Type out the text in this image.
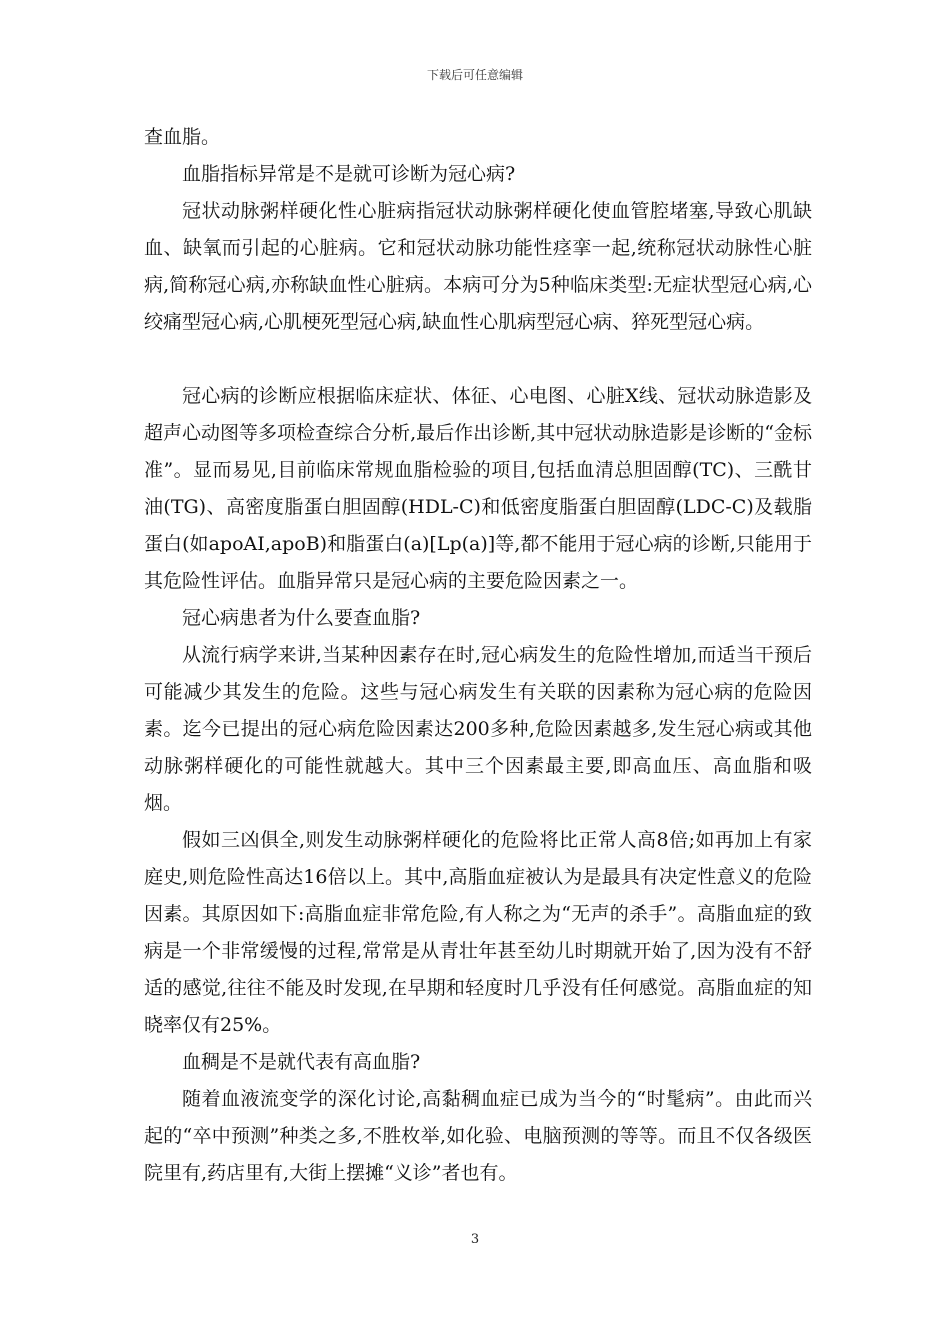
下载后可任意编辑

查血脂。

血脂指标异常是不是就可诊断为冠心病?

冠状动脉粥样硬化性心脏病指冠状动脉粥样硬化使血管腔堵塞,导致心肌缺血、缺氧而引起的心脏病。它和冠状动脉功能性痉挛一起,统称冠状动脉性心脏病,简称冠心病,亦称缺血性心脏病。本病可分为5种临床类型:无症状型冠心病,心绞痛型冠心病,心肌梗死型冠心病,缺血性心肌病型冠心病、猝死型冠心病。

冠心病的诊断应根据临床症状、体征、心电图、心脏X线、冠状动脉造影及超声心动图等多项检查综合分析,最后作出诊断,其中冠状动脉造影是诊断的“金标准”。显而易见,目前临床常规血脂检验的项目,包括血清总胆固醇(TC)、三酰甘油(TG)、高密度脂蛋白胆固醇(HDL-C)和低密度脂蛋白胆固醇(LDC-C)及载脂蛋白(如apoAI,apoB)和脂蛋白(a)[Lp(a)]等,都不能用于冠心病的诊断,只能用于其危险性评估。血脂异常只是冠心病的主要危险因素之一。

冠心病患者为什么要查血脂?

从流行病学来讲,当某种因素存在时,冠心病发生的危险性增加,而适当干预后可能减少其发生的危险。这些与冠心病发生有关联的因素称为冠心病的危险因素。迄今已提出的冠心病危险因素达200多种,危险因素越多,发生冠心病或其他动脉粥样硬化的可能性就越大。其中三个因素最主要,即高血压、高血脂和吸烟。

假如三凶俱全,则发生动脉粥样硬化的危险将比正常人高8倍;如再加上有家庭史,则危险性高达16倍以上。其中,高脂血症被认为是最具有决定性意义的危险因素。其原因如下:高脂血症非常危险,有人称之为“无声的杀手”。高脂血症的致病是一个非常缓慢的过程,常常是从青壮年甚至幼儿时期就开始了,因为没有不舒适的感觉,往往不能及时发现,在早期和轻度时几乎没有任何感觉。高脂血症的知晓率仅有25%。

血稠是不是就代表有高血脂?

随着血液流变学的深化讨论,高黏稠血症已成为当今的“时髦病”。由此而兴起的“卒中预测”种类之多,不胜枚举,如化验、电脑预测的等等。而且不仅各级医院里有,药店里有,大街上摆摊“义诊”者也有。

3
